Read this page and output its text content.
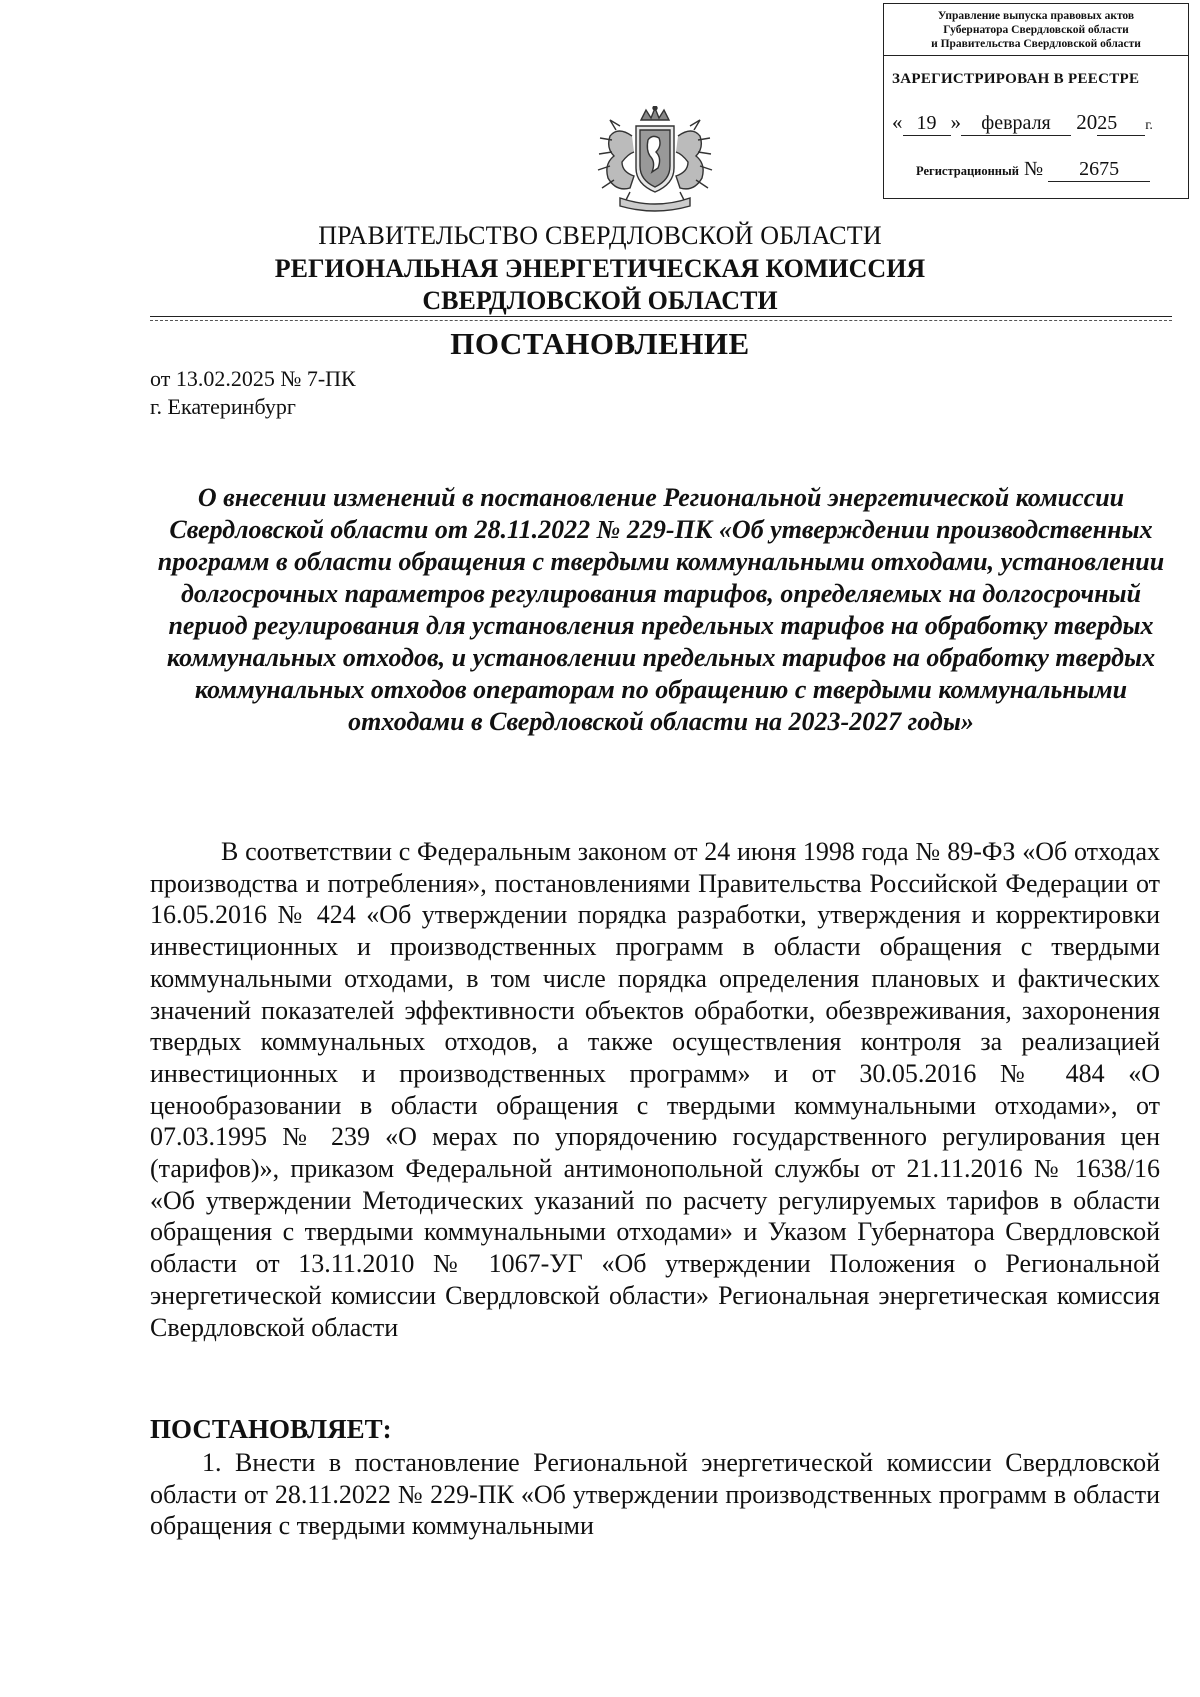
Управление выпуска правовых актов
Губернатора Свердловской области
и Правительства Свердловской области
ЗАРЕГИСТРИРОВАН В РЕЕСТРЕ
« 19 » февраля 2025 г.
Регистрационный № 2675
ПРАВИТЕЛЬСТВО СВЕРДЛОВСКОЙ ОБЛАСТИ
РЕГИОНАЛЬНАЯ ЭНЕРГЕТИЧЕСКАЯ КОМИССИЯ
СВЕРДЛОВСКОЙ ОБЛАСТИ
ПОСТАНОВЛЕНИЕ
от 13.02.2025 № 7-ПК
г. Екатеринбург

О внесении изменений в постановление Региональной энергетической комиссии Свердловской области от 28.11.2022 № 229-ПК «Об утверждении производственных программ в области обращения с твердыми коммунальными отходами, установлении долгосрочных параметров регулирования тарифов, определяемых на долгосрочный период регулирования для установления предельных тарифов на обработку твердых коммунальных отходов, и установлении предельных тарифов на обработку твердых коммунальных отходов операторам по обращению с твердыми коммунальными отходами в Свердловской области на 2023-2027 годы»

В соответствии с Федеральным законом от 24 июня 1998 года № 89-ФЗ «Об отходах производства и потребления», постановлениями Правительства Российской Федерации от 16.05.2016 № 424 «Об утверждении порядка разработки, утверждения и корректировки инвестиционных и производственных программ в области обращения с твердыми коммунальными отходами, в том числе порядка определения плановых и фактических значений показателей эффективности объектов обработки, обезвреживания, захоронения твердых коммунальных отходов, а также осуществления контроля за реализацией инвестиционных и производственных программ» и от 30.05.2016 № 484 «О ценообразовании в области обращения с твердыми коммунальными отходами», от 07.03.1995 № 239 «О мерах по упорядочению государственного регулирования цен (тарифов)», приказом Федеральной антимонопольной службы от 21.11.2016 № 1638/16 «Об утверждении Методических указаний по расчету регулируемых тарифов в области обращения с твердыми коммунальными отходами» и Указом Губернатора Свердловской области от 13.11.2010 № 1067-УГ «Об утверждении Положения о Региональной энергетической комиссии Свердловской области» Региональная энергетическая комиссия Свердловской области

ПОСТАНОВЛЯЕТ:

1. Внести в постановление Региональной энергетической комиссии Свердловской области от 28.11.2022 № 229-ПК «Об утверждении производственных программ в области обращения с твердыми коммунальными
